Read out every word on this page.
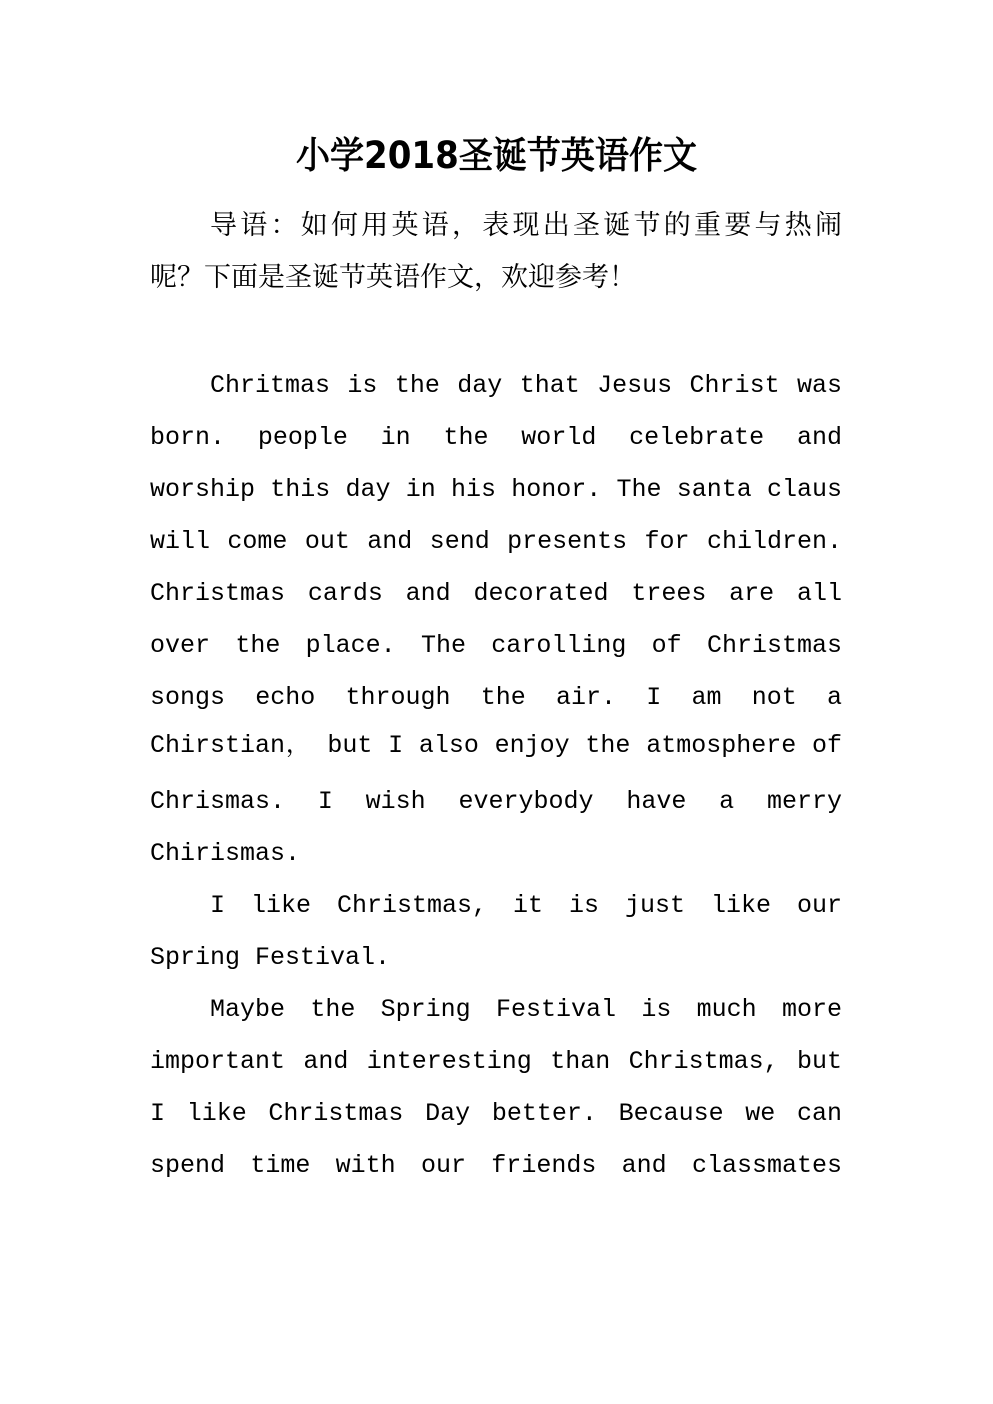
小学2018圣诞节英语作文
导语：如何用英语，表现出圣诞节的重要与热闹
呢？下面是圣诞节英语作文，欢迎参考！
Chritmas is the day that Jesus Christ was
born. people in the world celebrate and
worship this day in his honor. The santa claus
will come out and send presents for children.
Christmas cards and decorated trees are all
over the place. The carolling of Christmas
songs echo through the air. I am not a
Chirstian， but I also enjoy the atmosphere of
Chrismas. I wish everybody have a merry
Chirismas.
I like Christmas, it is just like our
Spring Festival.
Maybe the Spring Festival is much more
important and interesting than Christmas, but
I like Christmas Day better. Because we can
spend time with our friends and classmates
